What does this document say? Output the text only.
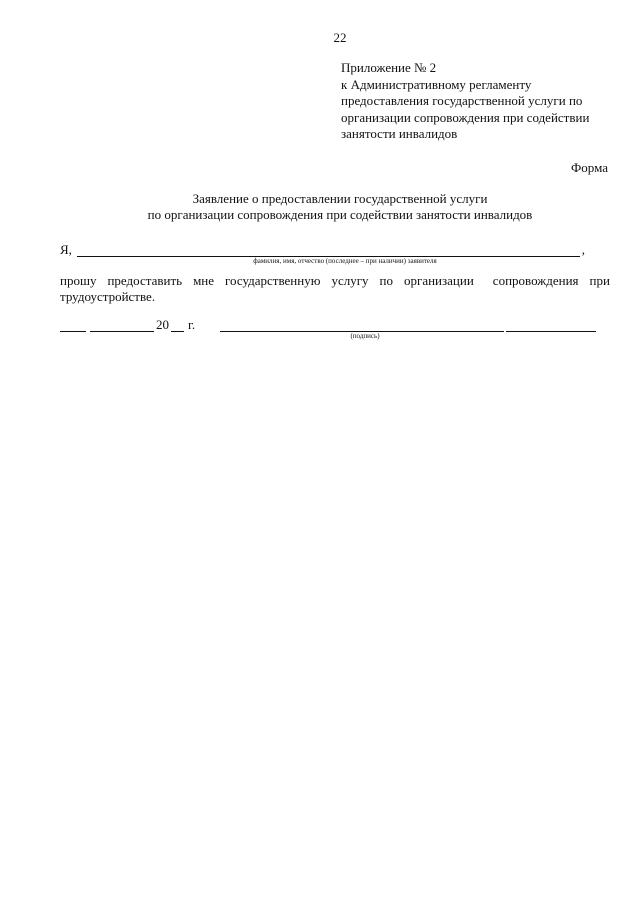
22
Приложение № 2
к Административному регламенту
предоставления государственной услуги по
организации сопровождения при содействии
занятости инвалидов
Форма
Заявление о предоставлении государственной услуги
по организации сопровождения при содействии занятости инвалидов
Я,	,
фамилия, имя, отчество (последнее – при наличии) заявителя
прошу предоставить мне государственную услугу по организации сопровождения при
трудоустройстве.
20 г.
(подпись)
